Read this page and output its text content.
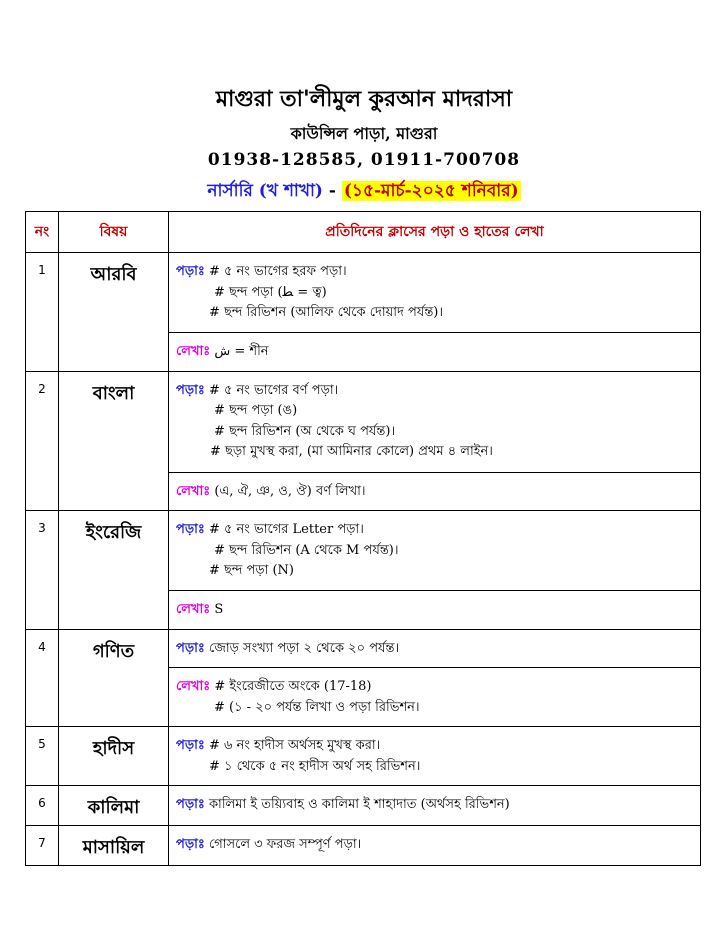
মাগুরা তা'লীমুল কুরআন মাদরাসা
কাউন্সিল পাড়া, মাগুরা
01938-128585, 01911-700708
নার্সারি (খ শাখা) - (১৫-মার্চ-২০২৫ শনিবার)
নং	বিষয়	প্রতিদিনের ক্লাসের পড়া ও হাতের লেখা
1	আরবি	পড়াঃ # ৫ নং ভাগের হরফ পড়া।
# ছন্দ পড়া (ﻄ = ত্ব)
# ছন্দ রিভিশন (আলিফ থেকে দোয়াদ পর্যন্ত)।

		লেখাঃ ش = শীন
2	বাংলা	পড়াঃ # ৫ নং ভাগের বর্ণ পড়া।
# ছন্দ পড়া (ঙ)
# ছন্দ রিভিশন (অ থেকে ঘ পর্যন্ত)।
# ছড়া মুখস্থ করা, (মা আমিনার কোলে) প্রথম ৪ লাইন।

		লেখাঃ (এ, ঐ, ঞ, ও, ঔ) বর্ণ লিখা।
3	ইংরেজি	পড়াঃ # ৫ নং ভাগের Letter পড়া।
# ছন্দ রিভিশন (A থেকে M পর্যন্ত)।
# ছন্দ পড়া (N)

		লেখাঃ S
4	গণিত	পড়াঃ জোড় সংখ্যা পড়া ২ থেকে ২০ পর্যন্ত।

		লেখাঃ # ইংরেজীতে অংকে (17-18)
# (১ - ২০ পর্যন্ত লিখা ও পড়া রিভিশন।

5	হাদীস	পড়াঃ # ৬ নং হাদীস অর্থসহ মুখস্থ করা।
# ১ থেকে ৫ নং হাদীস অর্থ সহ রিভিশন।

6	কালিমা	পড়াঃ কালিমা ই তয়্যিবাহ ও কালিমা ই শাহাদাত (অর্থসহ রিভিশন)
7	মাসায়িল	পড়াঃ গোসলে ৩ ফরজ সম্পূর্ণ পড়া।
